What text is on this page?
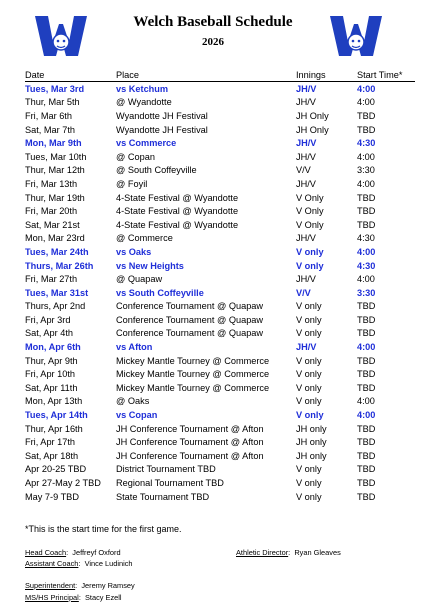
Welch Baseball Schedule
2026
Date	Place	Innings	Start Time*
Tues, Mar 3rd	vs Ketchum	JH/V	4:00
Thur, Mar 5th	@ Wyandotte	JH/V	4:00
Fri, Mar 6th	Wyandotte JH Festival	JH Only	TBD
Sat, Mar 7th	Wyandotte JH Festival	JH Only	TBD
Mon, Mar 9th	vs Commerce	JH/V	4:30
Tues, Mar 10th	@ Copan	JH/V	4:00
Thur, Mar 12th	@ South Coffeyville	V/V	3:30
Fri, Mar 13th	@ Foyil	JH/V	4:00
Thur, Mar 19th	4-State Festival @ Wyandotte	V Only	TBD
Fri, Mar 20th	4-State Festival @ Wyandotte	V Only	TBD
Sat, Mar 21st	4-State Festival @ Wyandotte	V Only	TBD
Mon, Mar 23rd	@ Commerce	JH/V	4:30
Tues, Mar 24th	vs Oaks	V only	4:00
Thurs, Mar 26th	vs New Heights	V only	4:30
Fri, Mar 27th	@ Quapaw	JH/V	4:00
Tues, Mar 31st	vs South Coffeyville	V/V	3:30
Thurs, Apr 2nd	Conference Tournament @ Quapaw	V only	TBD
Fri, Apr 3rd	Conference Tournament @ Quapaw	V only	TBD
Sat, Apr 4th	Conference Tournament @ Quapaw	V only	TBD
Mon, Apr 6th	vs Afton	JH/V	4:00
Thur, Apr 9th	Mickey Mantle Tourney @ Commerce	V only	TBD
Fri, Apr 10th	Mickey Mantle Tourney @ Commerce	V only	TBD
Sat, Apr 11th	Mickey Mantle Tourney @ Commerce	V only	TBD
Mon, Apr 13th	@ Oaks	V only	4:00
Tues, Apr 14th	vs Copan	V only	4:00
Thur, Apr 16th	JH Conference Tournament @ Afton	JH only	TBD
Fri, Apr 17th	JH Conference Tournament @ Afton	JH only	TBD
Sat, Apr 18th	JH Conference Tournament @ Afton	JH only	TBD
Apr 20-25 TBD	District Tournament TBD	V only	TBD
Apr 27-May 2 TBD	Regional Tournament TBD	V only	TBD
May 7-9 TBD	State Tournament TBD	V only	TBD
*This is the start time for the first game.
Head Coach:  Jeffreyf Oxford
Assistant Coach:  Vince Ludinich
Athletic Director:  Ryan Gleaves
Superintendent:  Jeremy Ramsey
MS/HS Principal:  Stacy Ezell
